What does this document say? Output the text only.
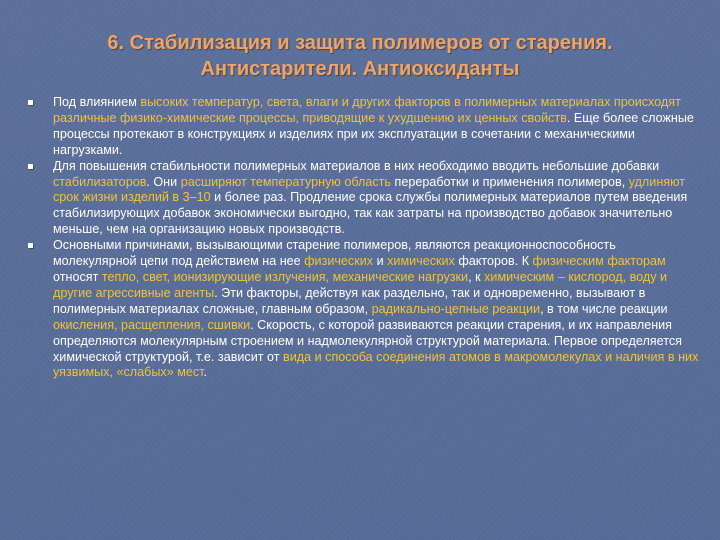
6. Стабилизация и защита полимеров от старения.
Антистарители. Антиоксиданты

Под влиянием высоких температур, света, влаги и других факторов в полимерных материалах происходят различные физико-химические процессы, приводящие к ухудшению их ценных свойств. Еще более сложные процессы протекают в конструкциях и изделиях при их эксплуатации в сочетании с механическими нагрузками.

Для повышения стабильности полимерных материалов в них необходимо вводить небольшие добавки стабилизаторов. Они расширяют температурную область переработки и применения полимеров, удлиняют срок жизни изделий в 3–10 и более раз. Продление срока службы полимерных материалов путем введения стабилизирующих добавок экономически выгодно, так как затраты на производство добавок значительно меньше, чем на организацию новых производств.

Основными причинами, вызывающими старение полимеров, являются реакционноспособность молекулярной цепи под действием на нее физических и химических факторов. К физическим факторам относят тепло, свет, ионизирующие излучения, механические нагрузки, к химическим – кислород, воду и другие агрессивные агенты. Эти факторы, действуя как раздельно, так и одновременно, вызывают в полимерных материалах сложные, главным образом, радикально-цепные реакции, в том числе реакции окисления, расщепления, сшивки. Скорость, с которой развиваются реакции старения, и их направления определяются молекулярным строением и надмолекулярной структурой материала. Первое определяется химической структурой, т.е. зависит от вида и способа соединения атомов в макромолекулах и наличия в них уязвимых, «слабых» мест.
